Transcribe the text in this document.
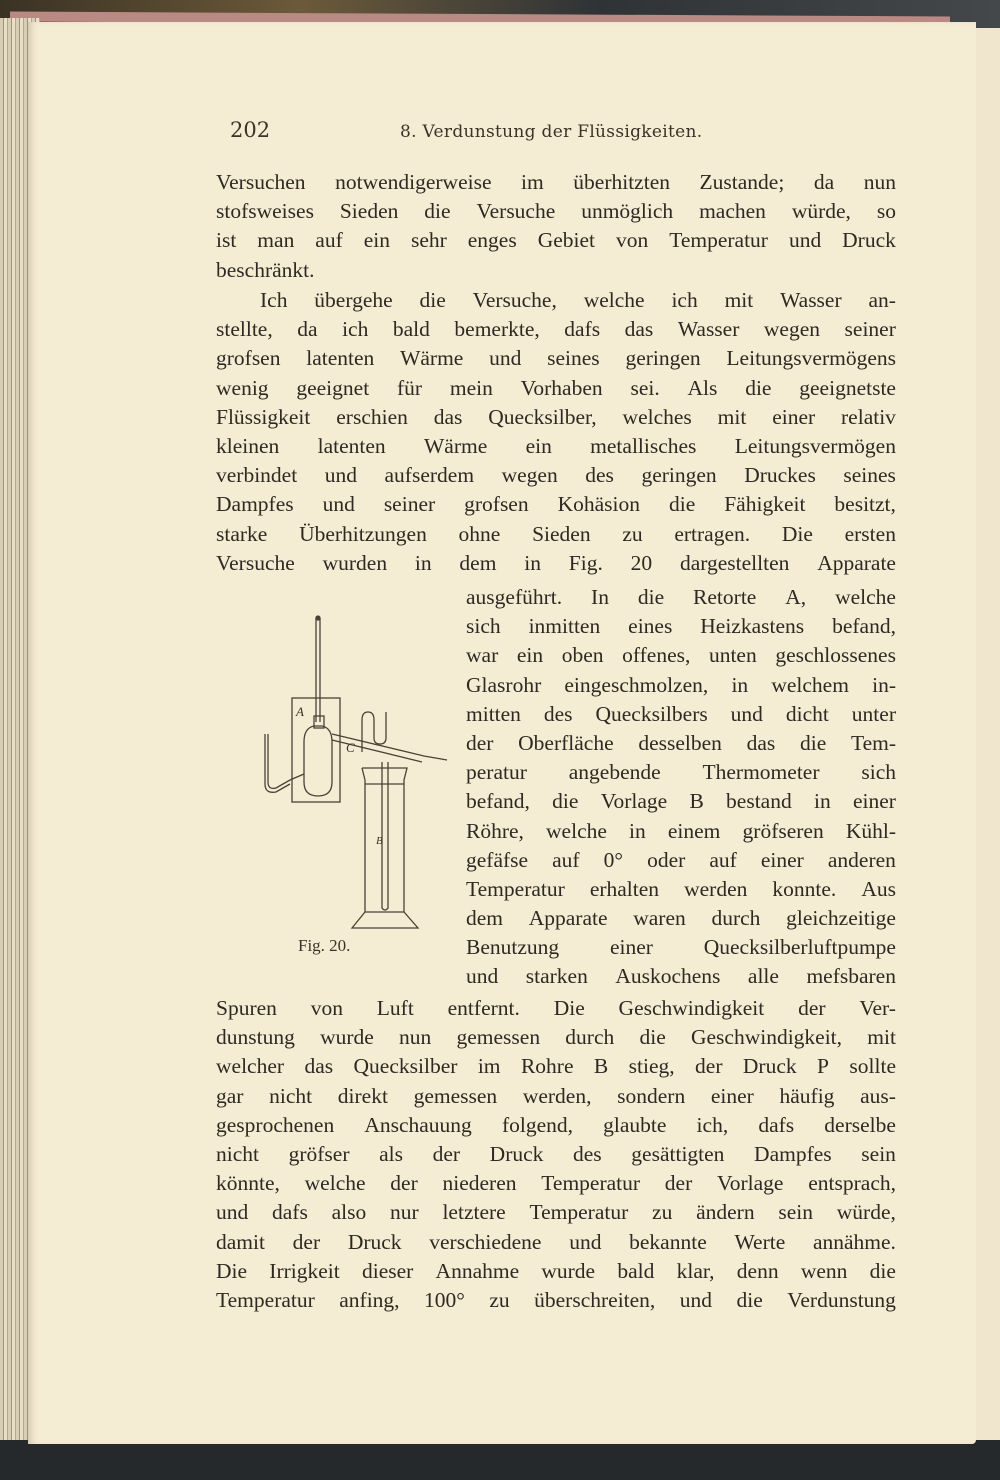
202	8. Verdunstung der Flüssigkeiten.
Versuchen notwendigerweise im überhitzten Zustande; da nun
stofsweises Sieden die Versuche unmöglich machen würde, so
ist man auf ein sehr enges Gebiet von Temperatur und Druck
beschränkt.
Ich übergehe die Versuche, welche ich mit Wasser an-
stellte, da ich bald bemerkte, dafs das Wasser wegen seiner
grofsen latenten Wärme und seines geringen Leitungsvermögens
wenig geeignet für mein Vorhaben sei. Als die geeignetste
Flüssigkeit erschien das Quecksilber, welches mit einer relativ
kleinen latenten Wärme ein metallisches Leitungsvermögen
verbindet und aufserdem wegen des geringen Druckes seines
Dampfes und seiner grofsen Kohäsion die Fähigkeit besitzt,
starke Überhitzungen ohne Sieden zu ertragen. Die ersten
Versuche wurden in dem in Fig. 20 dargestellten Apparate
ausgeführt. In die Retorte A, welche
sich inmitten eines Heizkastens befand,
war ein oben offenes, unten geschlossenes
Glasrohr eingeschmolzen, in welchem in-
mitten des Quecksilbers und dicht unter
der Oberfläche desselben das die Tem-
peratur angebende Thermometer sich
befand, die Vorlage B bestand in einer
Röhre, welche in einem gröfseren Kühl-
gefäfse auf 0° oder auf einer anderen
Temperatur erhalten werden konnte. Aus
dem Apparate waren durch gleichzeitige
Benutzung einer Quecksilberluftpumpe
und starken Auskochens alle mefsbaren
Spuren von Luft entfernt. Die Geschwindigkeit der Ver-
dunstung wurde nun gemessen durch die Geschwindigkeit, mit
welcher das Quecksilber im Rohre B stieg, der Druck P sollte
gar nicht direkt gemessen werden, sondern einer häufig aus-
gesprochenen Anschauung folgend, glaubte ich, dafs derselbe
nicht gröfser als der Druck des gesättigten Dampfes sein
könnte, welche der niederen Temperatur der Vorlage entsprach,
und dafs also nur letztere Temperatur zu ändern sein würde,
damit der Druck verschiedene und bekannte Werte annähme.
Die Irrigkeit dieser Annahme wurde bald klar, denn wenn die
Temperatur anfing, 100° zu überschreiten, und die Verdunstung
A
C
B
Fig. 20.
